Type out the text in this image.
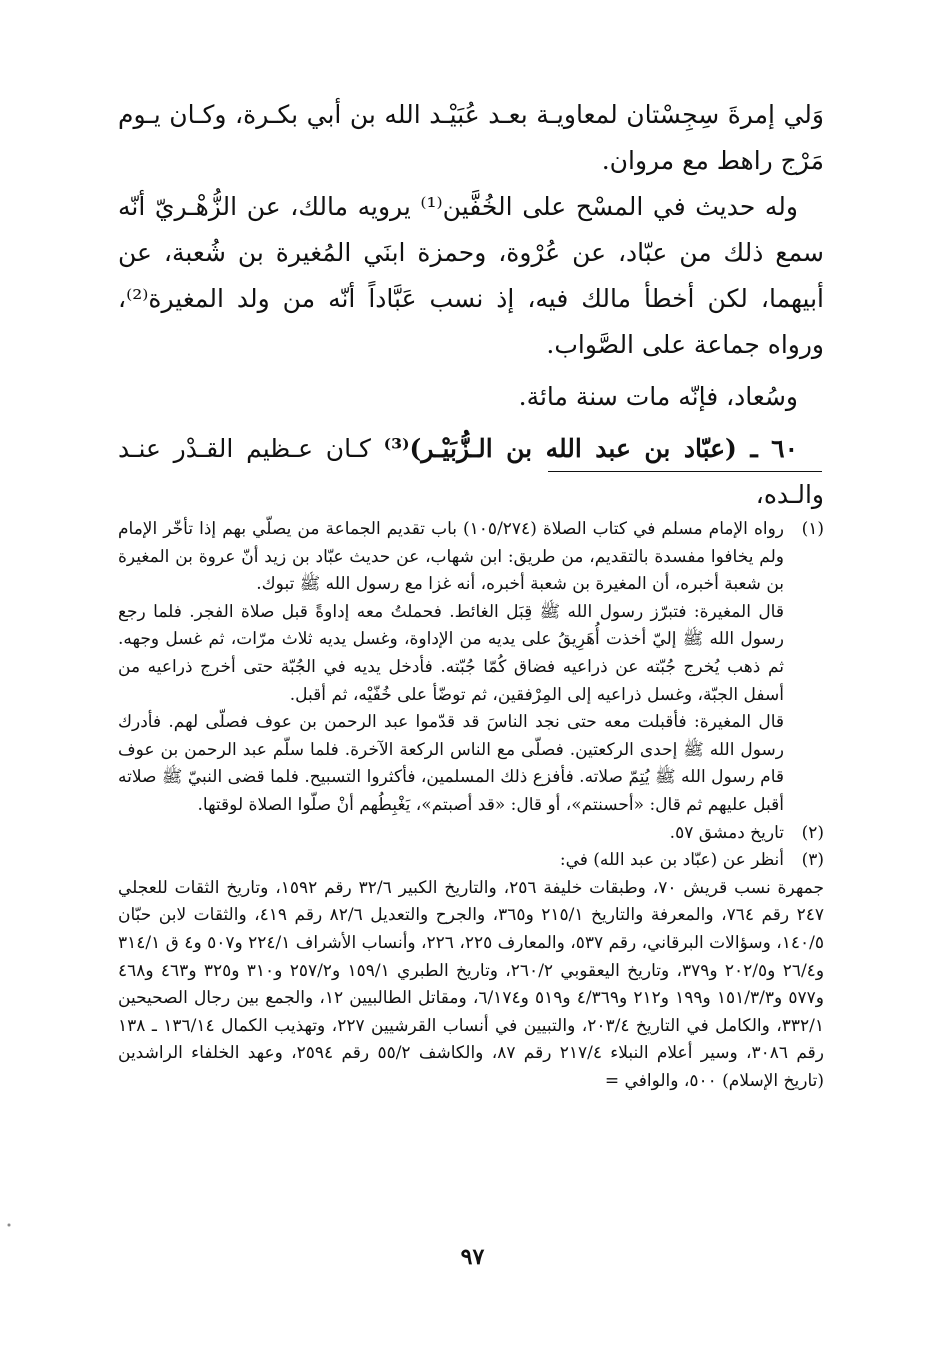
وَلي إمرةَ سِجِسْتان لمعاويـة بعـد عُبَيْـد الله بن أبي بكـرة، وكـان يـوم مَرْج راهط مع مروان.

وله حديث في المسْح على الخُفَّين⁽¹⁾ يرويه مالك، عن الزُّهْـريّ أنّه سمع ذلك من عبّاد، عن عُرْوة، وحمزة ابنَي المُغيرة بن شُعبة، عن أبيهما، لكن أخطأ مالك فيه، إذ نسب عَبَّاداً أنّه من ولد المغيرة⁽²⁾، ورواه جماعة على الصَّواب.

وسُعاد، فإنّه مات سنة مائة.

٦٠ ـ (عبّاد بن عبد الله بن الـزُّبَيْـر)⁽³⁾ كـان عـظيم القـدْر عنـد والـده،

(١)

رواه الإمام مسلم في كتاب الصلاة (١٠٥/٢٧٤) باب تقديم الجماعة من يصلّي بهم إذا تأخّر الإمام ولم يخافوا مفسدة بالتقديم، من طريق: ابن شهاب، عن حديث عبّاد بن زيد أنّ عروة بن المغيرة بن شعبة أخبره، أن المغيرة بن شعبة أخبره، أنه غزا مع رسول الله ﷺ تبوك.

قال المغيرة: فتبرّز رسول الله ﷺ قِبَل الغائط. فحملتُ معه إداوةً قبل صلاة الفجر. فلما رجع رسول الله ﷺ إليّ أخذت أُهَرِيقُ على يديه من الإداوة، وغسل يديه ثلاث مرّات، ثم غسل وجهه. ثم ذهب يُخرج جُبّته عن ذراعيه فضاق كُمّا جُبّته. فأدخل يديه في الجُبّة حتى أخرج ذراعيه من أسفل الجبّة، وغسل ذراعيه إلى المِرْفقين، ثم توضّأ على خُفّيْه، ثم أقبل.

قال المغيرة: فأقبلت معه حتى نجد الناسَ قد قدّموا عبد الرحمن بن عوف فصلّى لهم. فأدرك رسول الله ﷺ إحدى الركعتين. فصلّى مع الناس الركعة الآخرة. فلما سلّم عبد الرحمن بن عوف قام رسول الله ﷺ يُتِمّ صلاته. فأفزع ذلك المسلمين، فأكثروا التسبيح. فلما قضى النبيّ ﷺ صلاته أقبل عليهم ثم قال: «أحسنتم»، أو قال: «قد أصبتم»، يَغْبِطُهم أنْ صلّوا الصلاة لوقتها.

(٢)

تاريخ دمشق ٥٧.

(٣)

أنظر عن (عبّاد بن عبد الله) في:

جمهرة نسب قريش ٧٠، وطبقات خليفة ٢٥٦، والتاريخ الكبير ٣٢/٦ رقم ١٥٩٢، وتاريخ الثقات للعجلي ٢٤٧ رقم ٧٦٤، والمعرفة والتاريخ ٢١٥/١ و٣٦٥، والجرح والتعديل ٨٢/٦ رقم ٤١٩، والثقات لابن حبّان ١٤٠/٥، وسؤالات البرقاني، رقم ٥٣٧، والمعارف ٢٢٥، ٢٢٦، وأنساب الأشراف ٢٢٤/١ و٥٠٧ و٤ ق ٣١٤/١ و٢٦/٤ و٢٠٢/٥ و٣٧٩، وتاريخ اليعقوبي ٢٦٠/٢، وتاريخ الطبري ١٥٩/١ و٢٥٧/٢ و٣١٠ و٣٢٥ و٤٦٣ و٤٦٨ و٥٧٧ و١٥١/٣/٣ و١٩٩ و٢١٢ و٤/٣٦٩ و٥١٩ و٦/١٧٤، ومقاتل الطالبيين ١٢، والجمع بين رجال الصحيحين ٣٣٢/١، والكامل في التاريخ ٢٠٣/٤، والتبيين في أنساب القرشيين ٢٢٧، وتهذيب الكمال ١٣٦/١٤ ـ ١٣٨ رقم ٣٠٨٦، وسير أعلام النبلاء ٢١٧/٤ رقم ٨٧، والكاشف ٥٥/٢ رقم ٢٥٩٤، وعهد الخلفاء الراشدين (تاريخ الإسلام) ٥٠٠، والوافي =

٩٧
